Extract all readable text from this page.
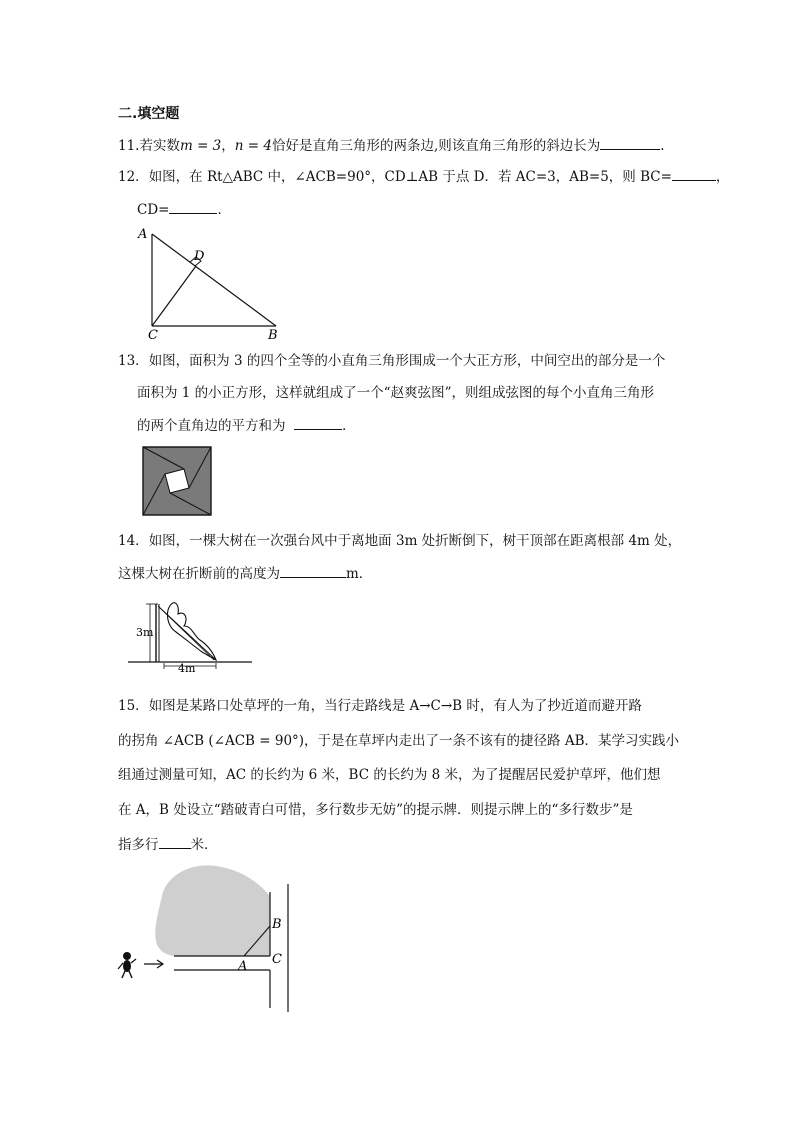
二.填空题
11.若实数m = 3，n = 4恰好是直角三角形的两条边,则该直角三角形的斜边长为	.
12．如图，在 Rt△ABC 中，∠ACB=90°，CD⊥AB 于点 D．若 AC=3，AB=5，则 BC=	，
CD=	．
A
D
C	B
13．如图，面积为 3 的四个全等的小直角三角形围成一个大正方形，中间空出的部分是一个
面积为 1 的小正方形，这样就组成了一个“赵爽弦图”，则组成弦图的每个小直角三角形
的两个直角边的平方和为	．
14．如图，一棵大树在一次强台风中于离地面 3m 处折断倒下，树干顶部在距离根部 4m 处，
这棵大树在折断前的高度为	m．
3m
4m
15．如图是某路口处草坪的一角，当行走路线是 A→C→B 时，有人为了抄近道而避开路
的拐角 ∠ACB (∠ACB = 90°)，于是在草坪内走出了一条不该有的捷径路 AB．某学习实践小
组通过测量可知，AC 的长约为 6 米，BC 的长约为 8 米，为了提醒居民爱护草坪，他们想
在 A，B 处设立“踏破青白可惜，多行数步无妨”的提示牌．则提示牌上的“多行数步”是
指多行 米．
B
C
A
